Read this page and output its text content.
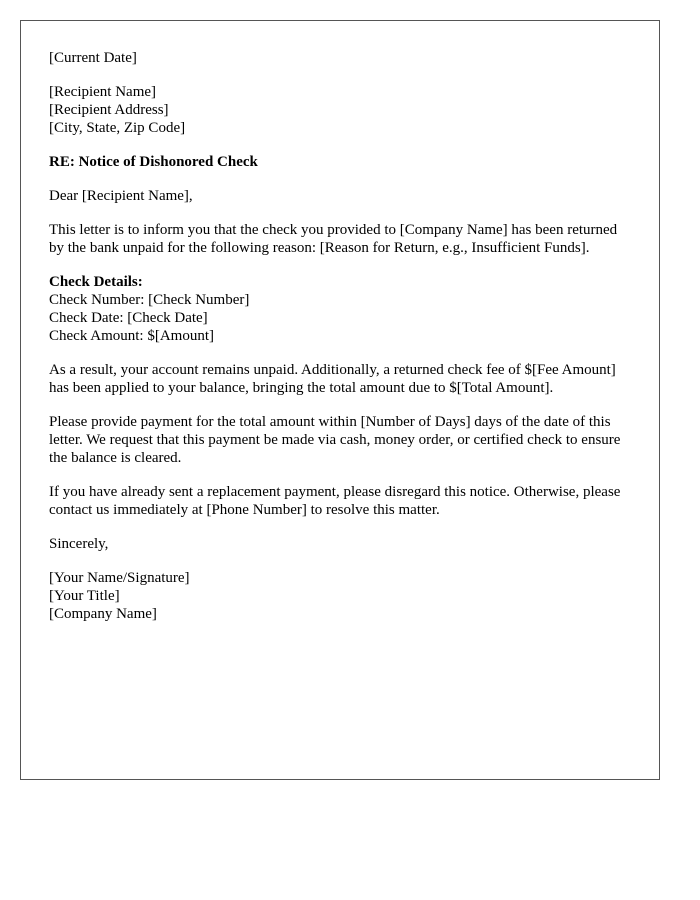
[Current Date]
[Recipient Name]
[Recipient Address]
[City, State, Zip Code]

RE: Notice of Dishonored Check

Dear [Recipient Name],

This letter is to inform you that the check you provided to [Company Name] has been returned by the bank unpaid for the following reason: [Reason for Return, e.g., Insufficient Funds].

Check Details:
Check Number: [Check Number]
Check Date: [Check Date]
Check Amount: $[Amount]

As a result, your account remains unpaid. Additionally, a returned check fee of $[Fee Amount] has been applied to your balance, bringing the total amount due to $[Total Amount].

Please provide payment for the total amount within [Number of Days] days of the date of this letter. We request that this payment be made via cash, money order, or certified check to ensure the balance is cleared.

If you have already sent a replacement payment, please disregard this notice. Otherwise, please contact us immediately at [Phone Number] to resolve this matter.

Sincerely,

[Your Name/Signature]
[Your Title]
[Company Name]
